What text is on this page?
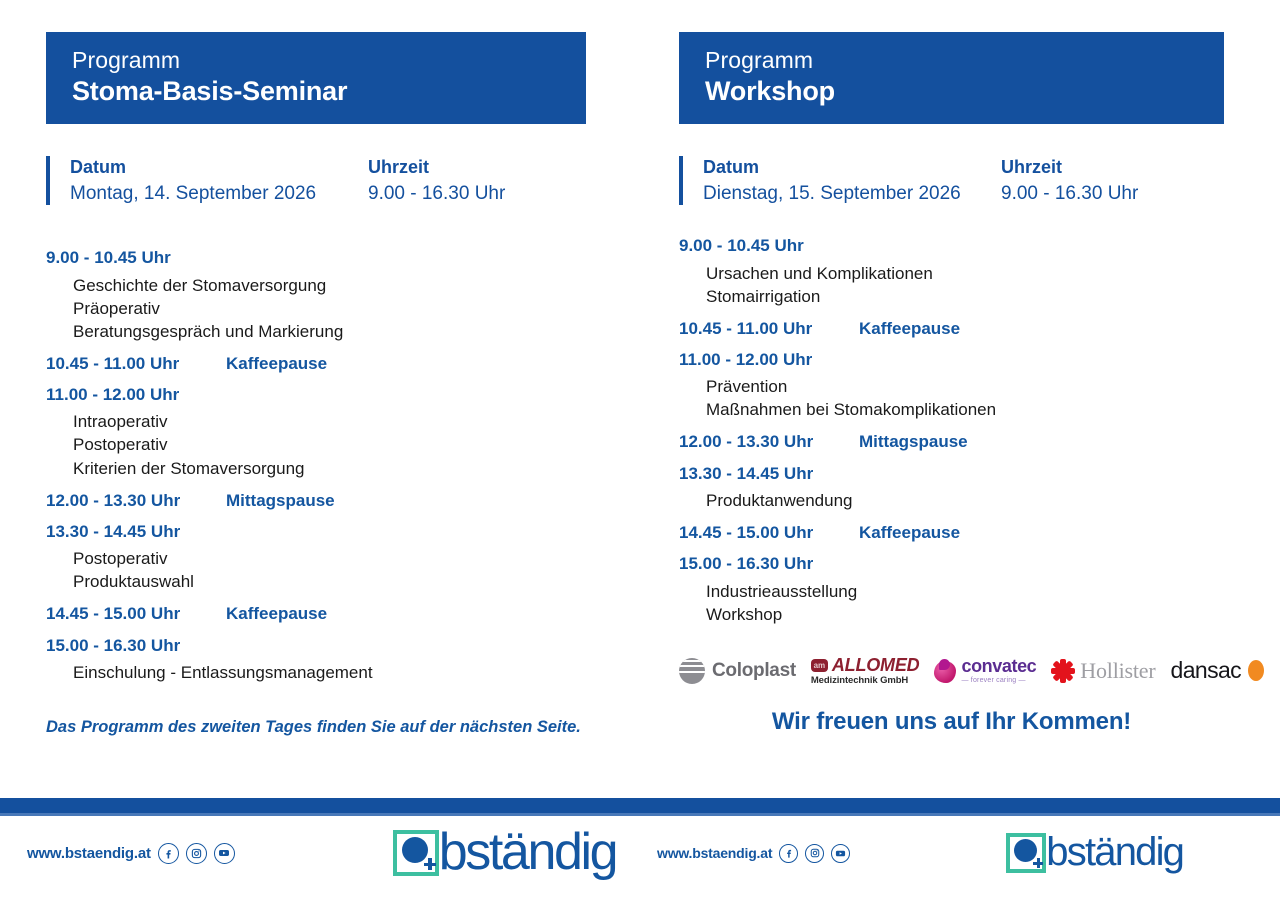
Programm
Stoma-Basis-Seminar
Datum	Uhrzeit
Montag, 14. September 2026	9.00 - 16.30 Uhr
9.00 - 10.45 Uhr
Geschichte der Stomaversorgung
Präoperativ
Beratungsgespräch und Markierung
10.45 - 11.00 Uhr	Kaffeepause
11.00 - 12.00 Uhr
Intraoperativ
Postoperativ
Kriterien der Stomaversorgung
12.00 - 13.30 Uhr	Mittagspause
13.30 - 14.45 Uhr
Postoperativ
Produktauswahl
14.45 - 15.00 Uhr	Kaffeepause
15.00 - 16.30 Uhr
Einschulung - Entlassungsmanagement
Das Programm des zweiten Tages finden Sie auf der nächsten Seite.
Programm
Workshop
Datum	Uhrzeit
Dienstag, 15. September 2026	9.00 - 16.30 Uhr
9.00 - 10.45 Uhr
Ursachen und Komplikationen
Stomairrigation
10.45 - 11.00 Uhr	Kaffeepause
11.00 - 12.00 Uhr
Prävention
Maßnahmen bei Stomakomplikationen
12.00 - 13.30 Uhr	Mittagspause
13.30 - 14.45 Uhr
Produktanwendung
14.45 - 15.00 Uhr	Kaffeepause
15.00 - 16.30 Uhr
Industrieausstellung
Workshop
Coloplast	am ALLOMED
Medizintechnik GmbH
convatec
— forever caring —	Hollister dansac
Wir freuen uns auf Ihr Kommen!
www.bstaendig.at	bständig	www.bstaendig.at	bständig
